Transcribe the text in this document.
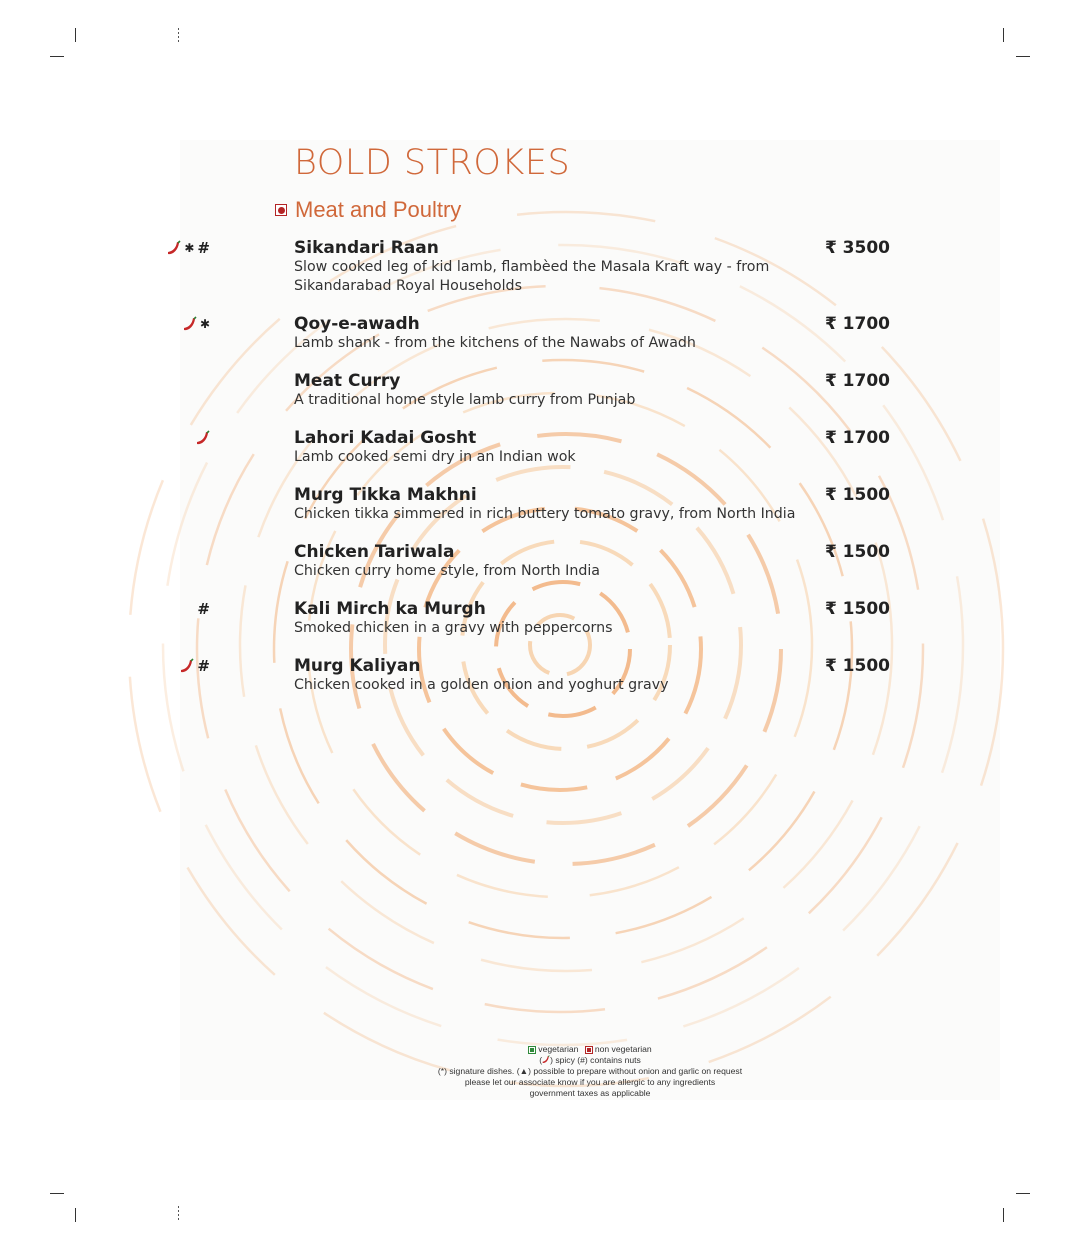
BOLD STROKES
Meat and Poultry
✱ #	Sikandari Raan	₹ 3500
Slow cooked leg of kid lamb, flambèed the Masala Kraft way - from Sikandarabad Royal Households
✱	Qoy-e-awadh	₹ 1700
Lamb shank - from the kitchens of the Nawabs of Awadh
Meat Curry	₹ 1700
A traditional home style lamb curry from Punjab
Lahori Kadai Gosht	₹ 1700
Lamb cooked semi dry in an Indian wok
Murg Tikka Makhni	₹ 1500
Chicken tikka simmered in rich buttery tomato gravy, from North India
Chicken Tariwala	₹ 1500
Chicken curry home style, from North India
#	Kali Mirch ka Murgh	₹ 1500
Smoked chicken in a gravy with peppercorns
#	Murg Kaliyan	₹ 1500
Chicken cooked in a golden onion and yoghurt gravy
vegetarian non vegetarian
( ) spicy (#) contains nuts
(*) signature dishes. (▲) possible to prepare without onion and garlic on request
please let our associate know if you are allergic to any ingredients
government taxes as applicable
